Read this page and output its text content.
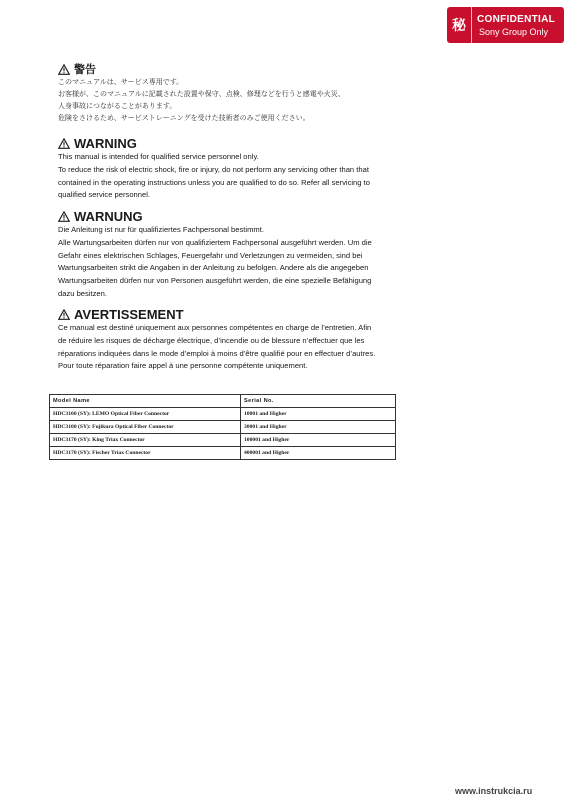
秘	CONFIDENTIAL
Sony Group Only
警告
このマニュアルは、サービス専用です。
お客様が、このマニュアルに記載された設置や保守、点検、修理などを行うと感電や火災、
人身事故につながることがあります。
危険をさけるため、サービストレーニングを受けた技術者のみご使用ください。
WARNING
This manual is intended for qualified service personnel only.
To reduce the risk of electric shock, fire or injury, do not perform any servicing other than that
contained in the operating instructions unless you are qualified to do so. Refer all servicing to
qualified service personnel.
WARNUNG
Die Anleitung ist nur für qualifiziertes Fachpersonal bestimmt.
Alle Wartungsarbeiten dürfen nur von qualifiziertem Fachpersonal ausgeführt werden. Um die
Gefahr eines elektrischen Schlages, Feuergefahr und Verletzungen zu vermeiden, sind bei
Wartungsarbeiten strikt die Angaben in der Anleitung zu befolgen. Andere als die angegeben
Wartungsarbeiten dürfen nur von Personen ausgeführt werden, die eine spezielle Befähigung
dazu besitzen.
AVERTISSEMENT
Ce manual est destiné uniquement aux personnes compétentes en charge de l’entretien. Afin
de réduire les risques de décharge électrique, d’incendie ou de blessure n’effectuer que les
réparations indiquées dans le mode d’emploi à moins d’être qualifié pour en effectuer d’autres.
Pour toute réparation faire appel à une personne compétente uniquement.
Model Name	Serial No.
HDC3100 (SY): LEMO Optical Fiber Connector	10001 and Higher
HDC3100 (SY): Fujikura Optical Fiber Connector	30001 and Higher
HDC3170 (SY): King Triax Connector	100001 and Higher
HDC3170 (SY): Fischer Triax Connector	400001 and Higher
www.instrukcia.ru
